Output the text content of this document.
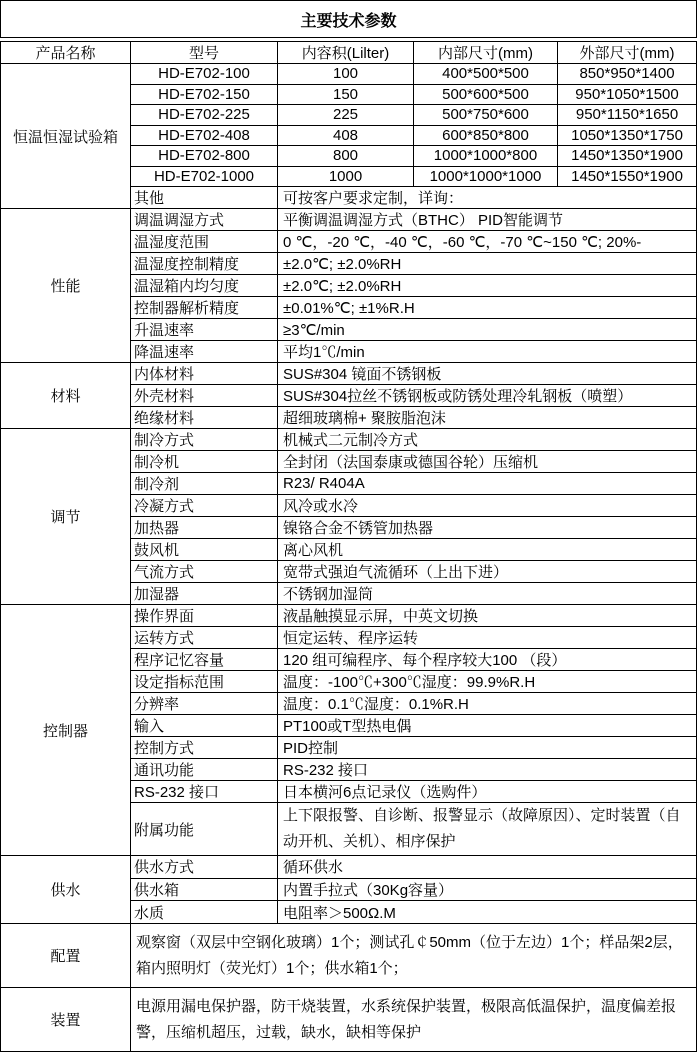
主要技术参数				

产品名称	型号	内容积(Lilter)	内部尺寸(mm)	外部尺寸(mm)
恒温恒湿试验箱	HD-E702-100	100	400*500*500	850*950*1400
	HD-E702-150	150	500*600*500	950*1050*1500
	HD-E702-225	225	500*750*600	950*1150*1650
	HD-E702-408	408	600*850*800	1050*1350*1750
	HD-E702-800	800	1000*1000*800	1450*1350*1900
	HD-E702-1000	1000	1000*1000*1000	1450*1550*1900
	其他	可按客户要求定制，详询：		
性能	调温调湿方式	平衡调温调湿方式（BTHC） PID智能调节		
	温湿度范围	0 ℃，-20 ℃，-40 ℃，-60 ℃，-70 ℃~150 ℃; 20%-		
	温湿度控制精度	±2.0℃; ±2.0%RH		
	温湿箱内均匀度	±2.0℃; ±2.0%RH		
	控制器解析精度	±0.01%℃; ±1%R.H		
	升温速率	≥3℃/min		
	降温速率	平均1℃/min		
材料	内体材料	SUS#304 镜面不锈钢板		
	外壳材料	SUS#304拉丝不锈钢板或防锈处理冷轧钢板（喷塑）		
	绝缘材料	超细玻璃棉+ 聚胺脂泡沫		
调节	制冷方式	机械式二元制冷方式		
	制冷机	全封闭（法国泰康或德国谷轮）压缩机		
	制冷剂	R23/ R404A		
	冷凝方式	风冷或水冷		
	加热器	镍铬合金不锈管加热器		
	鼓风机	离心风机		
	气流方式	宽带式强迫气流循环（上出下进）		
	加湿器	不锈钢加湿筒		
控制器	操作界面	液晶触摸显示屏，中英文切换		
	运转方式	恒定运转、程序运转		
	程序记忆容量	120 组可编程序、每个程序较大100 （段）		
	设定指标范围	温度：-100℃+300℃湿度：99.9%R.H		
	分辨率	温度：0.1℃湿度：0.1%R.H		
	输入	PT100或T型热电偶		
	控制方式	PID控制		
	通讯功能	RS-232 接口		
	RS-232 接口	日本横河6点记录仪（选购件）		
	附属功能	上下限报警、自诊断、报警显示（故障原因）、定时装置（自动开机、关机）、相序保护		
供水	供水方式	循环供水		
	供水箱	内置手拉式（30Kg容量）		
	水质	电阻率＞500Ω.M		
配置	观察窗（双层中空钢化玻璃）1个；测试孔￠50mm（位于左边）1个；样品架2层，箱内照明灯（荧光灯）1个；供水箱1个；			
装置	电源用漏电保护器，防干烧装置，水系统保护装置，极限高低温保护，温度偏差报警，压缩机超压，过载，缺水，缺相等保护			
